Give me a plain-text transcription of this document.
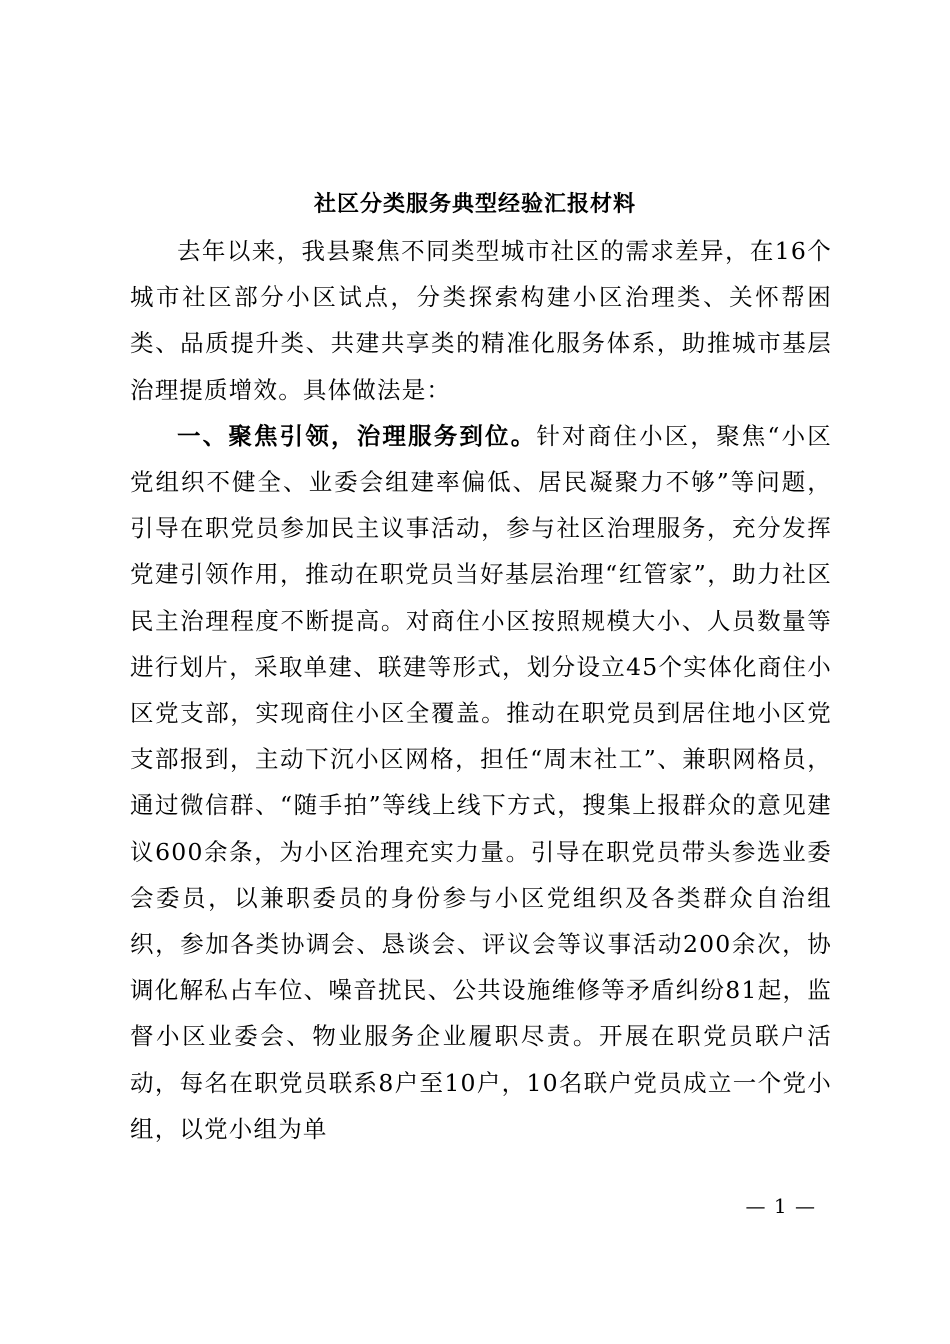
社区分类服务典型经验汇报材料

去年以来，我县聚焦不同类型城市社区的需求差异，在16个城市社区部分小区试点，分类探索构建小区治理类、关怀帮困类、品质提升类、共建共享类的精准化服务体系，助推城市基层治理提质增效。具体做法是：

一、聚焦引领，治理服务到位。针对商住小区，聚焦“小区党组织不健全、业委会组建率偏低、居民凝聚力不够”等问题，引导在职党员参加民主议事活动，参与社区治理服务，充分发挥党建引领作用，推动在职党员当好基层治理“红管家”，助力社区民主治理程度不断提高。对商住小区按照规模大小、人员数量等进行划片，采取单建、联建等形式，划分设立45个实体化商住小区党支部，实现商住小区全覆盖。推动在职党员到居住地小区党支部报到，主动下沉小区网格，担任“周末社工”、兼职网格员，通过微信群、“随手拍”等线上线下方式，搜集上报群众的意见建议600余条，为小区治理充实力量。引导在职党员带头参选业委会委员，以兼职委员的身份参与小区党组织及各类群众自治组织，参加各类协调会、恳谈会、评议会等议事活动200余次，协调化解私占车位、噪音扰民、公共设施维修等矛盾纠纷81起，监督小区业委会、物业服务企业履职尽责。开展在职党员联户活动，每名在职党员联系8户至10户，10名联户党员成立一个党小组，以党小组为单

— 1 —
